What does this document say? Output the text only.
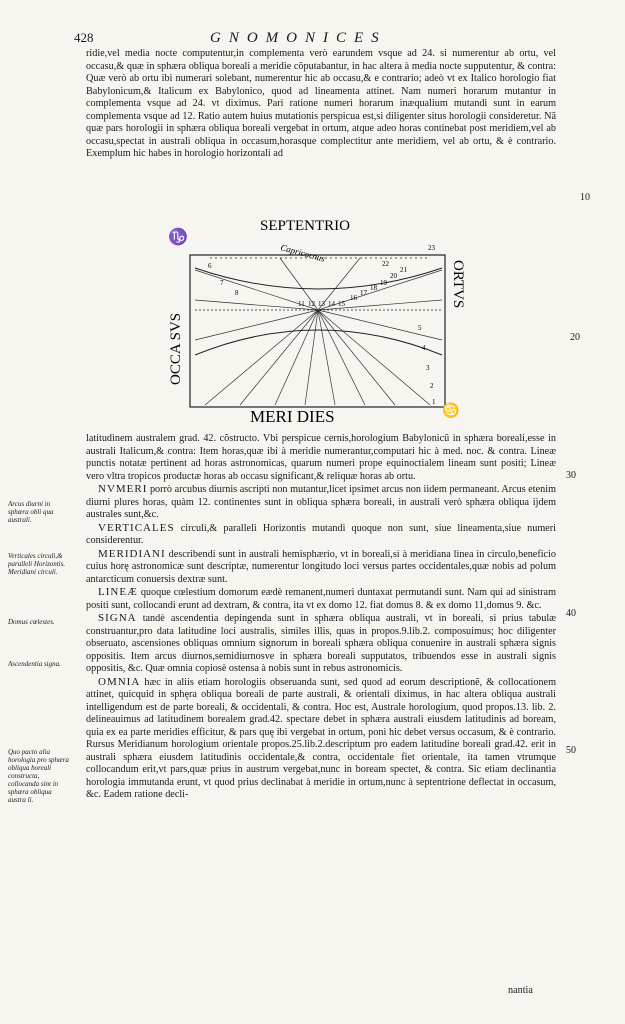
428	GNOMONICES

ridie,vel media nocte computentur,in complementa verò earundem vsque ad 24. si numerentur ab ortu, vel occasu,& quæ in sphæra obliqua boreali a meridie cõputabantur, in hac altera à media nocte supputentur, & contra: Quæ verò ab ortu ibi numerari solebant, numerentur hic ab occasu,& e contrario; adeò vt ex Italico horologio fiat Babylonicum,& Italicum ex Babylonico, quod ad lineamenta attinet. Nam numeri horarum mutantur in complementa vsque ad 24. vt diximus. Pari ratione numeri horarum inæqualium mutandi sunt in earum complementa vsque ad 12. Ratio autem huius mutationis perspicua est,si diligenter situs horologii consideretur. Nã quæ pars horologii in sphæra obliqua boreali vergebat in ortum, atque adeo horas continebat post meridiem,vel ab occasu,spectat in australi obliqua in occasum,horasque complectitur ante meridiem, vel ab ortu, & è contrario. Exemplum hic habes in horologio horizontali ad

10
20
30
40
50
SEPTENTRIO
MERI DIES
Capricornus
OCCA SVS
ORTVS
♑
♋
6
7
8
11 12 13 14 15
16
17
18
19
20
21
22
23
5
4
3
2
1

latitudinem australem grad. 42. cõstructo. Vbi perspicue cernis,horologium Babylonicũ in sphæra boreali,esse in australi Italicum,& contra: Item horas,quæ ibi à meridie numerantur,computari hic à med. noc. & contra. Lineæ punctis notatæ pertinent ad horas astronomicas, quarum numeri prope equinoctialem lineam sunt positi; Lineæ vero vltra tropicos productæ horas ab occasu significant,& reliquæ horas ab ortu.

NVMERI porrò arcubus diurnis ascripti non mutantur,licet ipsimet arcus non iidem permaneant. Arcus etenim diurni plures horas, quàm 12. continentes sunt in obliqua sphæra boreali, in australi verò sphæra obliqua ijdem australes sunt,&c.

VERTICALES circuli,& paralleli Horizontis mutandi quoque non sunt, siue lineamenta,siue numeri considerentur.

MERIDIANI describendi sunt in australi hemisphærio, vt in boreali,si à meridiana linea in circulo,beneficio cuius horę astronomicæ sunt descriptæ, numerentur longitudo loci versus partes occidentales,quæ nobis ad polum antarcticum conuersis dextræ sunt.

LINEÆ quoque cœlestium domorum eædè remanent,numeri duntaxat permutandi sunt. Nam qui ad sinistram positi sunt, collocandi erunt ad dextram, & contra, ita vt ex domo 12. fiat domus 8. & ex domo 11,domus 9. &c.

SIGNA tandè ascendentia depingenda sunt in sphæra obliqua australi, vt in boreali, si prius tabulæ construantur,pro data latitudine loci australis, similes illis, quas in propos.9.lib.2. composuimus; hoc diligenter obseruato, ascensiones obliquas omnium signorum in boreali sphæra obliqua conuenire in australi sphæra signis oppositis. Item arcus diurnos,semidiurnosve in sphæra boreali supputatos, tribuendos esse in australi signis oppositis, &c. Quæ omnia copiosè ostensa à nobis sunt in rebus astronomicis.

OMNIA hæc in aliis etiam horologiis obseruanda sunt, sed quod ad eorum descriptionẽ, & collocationem attinet, quicquid in sphęra obliqua boreali de parte australi, & orientali diximus, in hac altera obliqua australi intelligendum est de parte boreali, & occidentali, & contra. Hoc est, Australe horologium, quod propos.13. lib. 2. delineauimus ad latitudinem borealem grad.42. spectare debet in sphæra australi eiusdem latitudinis ad boream, quia ex ea parte meridies efficitur, & pars quę ibi vergebat in ortum, poni hic debet versus occasum, & è contrario. Rursus Meridianum horologium orientale propos.25.lib.2.descriptum pro eadem latitudine boreali grad.42. erit in australi sphæra eiusdem latitudinis occidentale,& contra, occidentale fiet orientale, ita tamen vtrumque collocandum erit,vt pars,quæ prius in austrum vergebat,nunc in boream spectet, & contra. Sic etiam declinantia horologia immutanda erunt, vt quod prius declinabat à meridie in ortum,nunc à septentrione deflectat in occasum, &c. Eadem ratione decli-

nantia
Arcus diurni in sphæra obli qua australi.
Verticales circuli,& paralleli Horizontis. Meridiani circuli.
Domus cœlestes.
Ascendentia signa.
Quo pacto alia horologia pro sphæra obliqua boreali constructa, collocanda sint in sphæra obliqua austra li.
